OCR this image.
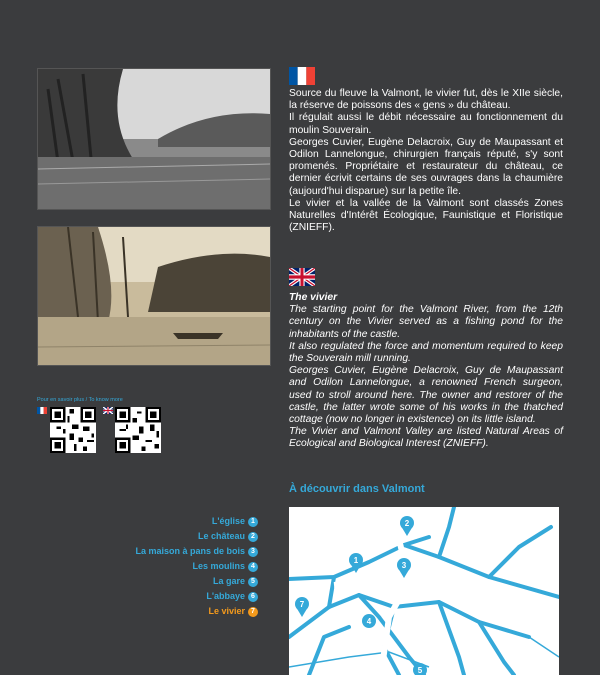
Source du fleuve la Valmont, le vivier fut, dès le XIIe siècle, la réserve de poissons des « gens » du château.

Il régulait aussi le débit nécessaire au fonctionnement du moulin Souverain.

Georges Cuvier, Eugène Delacroix, Guy de Maupassant et Odilon Lannelongue, chirurgien français réputé, s'y sont promenés. Propriétaire et restaurateur du château, ce dernier écrivit certains de ses ouvrages dans la chaumière (aujourd'hui disparue) sur la petite île.

Le vivier et la vallée de la Valmont sont classés Zones Naturelles d'Intérêt Écologique, Faunistique et Floristique (ZNIEFF).

The vivier

The starting point for the Valmont River, from the 12th century on the Vivier served as a fishing pond for the inhabitants of the castle.

It also regulated the force and momentum required to keep the Souverain mill running.

Georges Cuvier, Eugène Delacroix, Guy de Maupassant and Odilon Lannelongue, a renowned French surgeon, used to stroll around here. The owner and restorer of the castle, the latter wrote some of his works in the thatched cottage (now no longer in existence) on its little island.

The Vivier and Valmont Valley are listed Natural Areas of Ecological and Biological Interest (ZNIEFF).

Pour en savoir plus / To know more
À découvrir dans Valmont
L'église 1
Le château 2
La maison à pans de bois 3
Les moulins 4
La gare 5
L'abbaye 6
Le vivier 7
1
2
3
7
4
5
